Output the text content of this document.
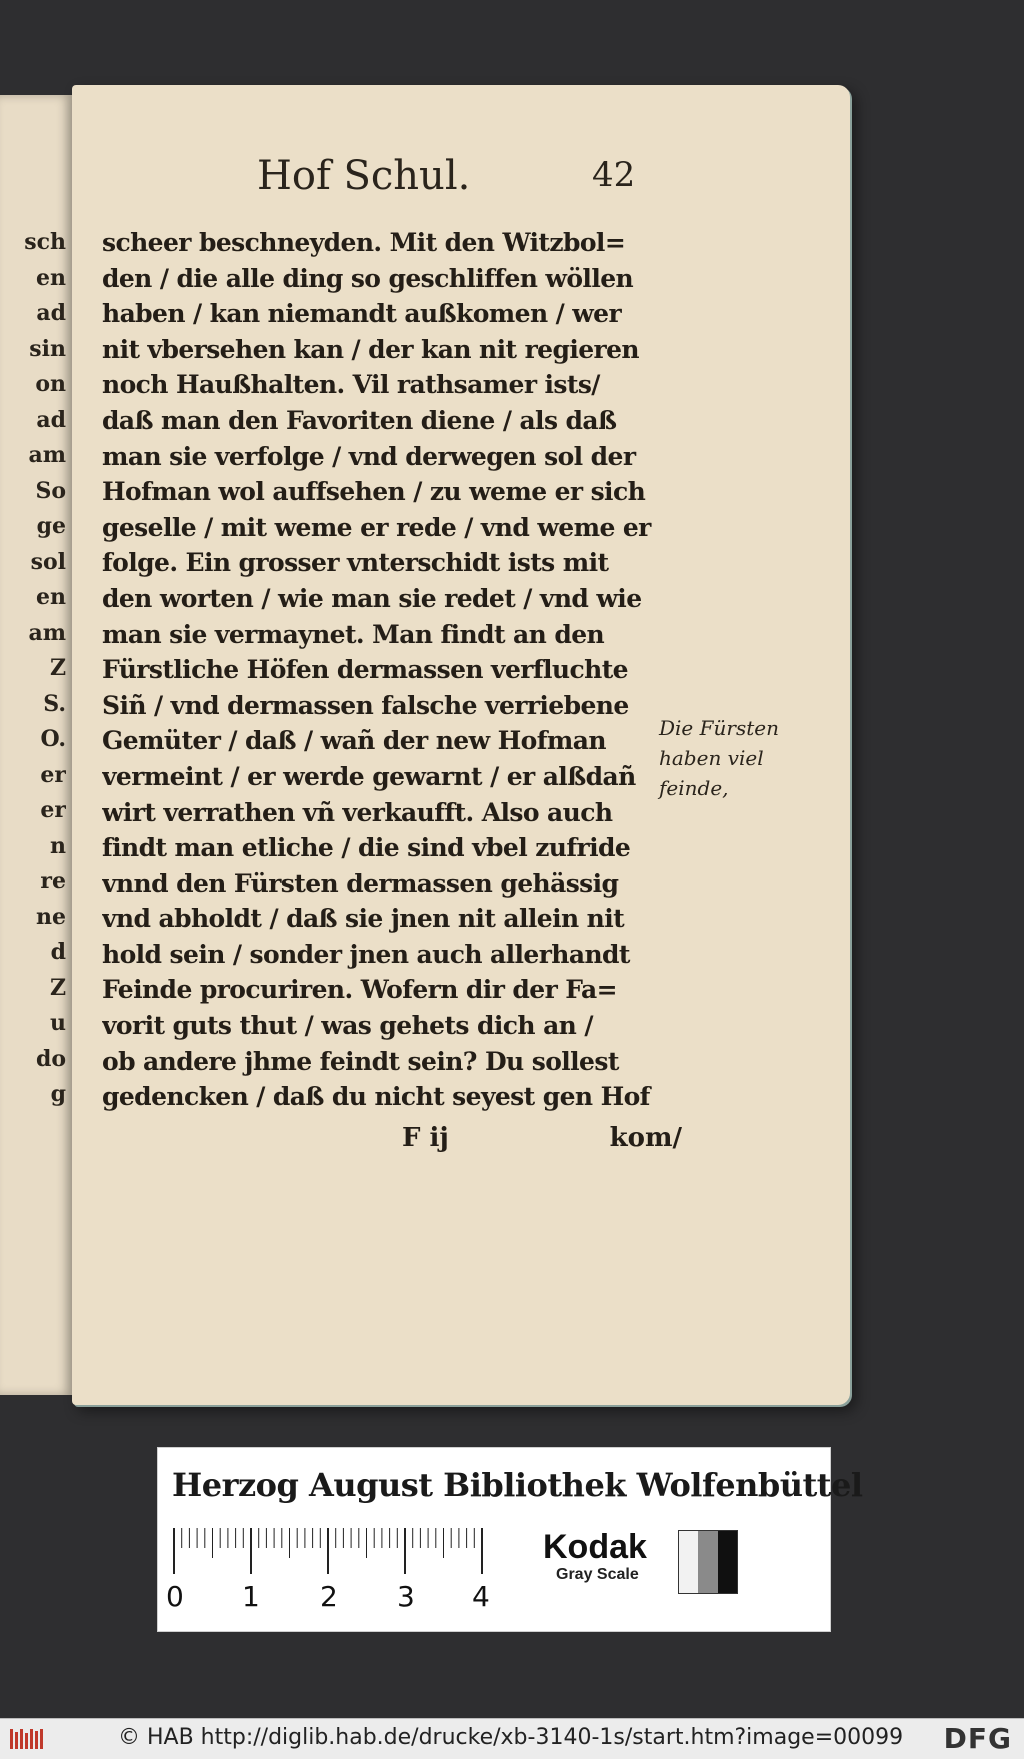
sch
en
ad
sin
on
ad
am
So
ge
sol
en
am
Z
S.
O.
er
er
n
re
ne
d
Z
u
do
g
Hof Schul.	42
scheer beschneyden. Mit den Witzbol=
den / die alle ding so geschliffen wöllen
haben / kan niemandt außkomen / wer
nit vbersehen kan / der kan nit regieren
noch Haußhalten. Vil rathsamer ists/
daß man den Favoriten diene / als daß
man sie verfolge / vnd derwegen sol der
Hofman wol auffsehen / zu weme er sich
geselle / mit weme er rede / vnd weme er
folge. Ein grosser vnterschidt ists mit
den worten / wie man sie redet / vnd wie
man sie vermaynet. Man findt an den
Fürstliche Höfen dermassen verfluchte
Siñ / vnd dermassen falsche verriebene
Gemüter / daß / wañ der new Hofman
vermeint / er werde gewarnt / er alßdañ
wirt verrathen vñ verkaufft. Also auch
findt man etliche / die sind vbel zufride
vnnd den Fürsten dermassen gehässig
vnd abholdt / daß sie jnen nit allein nit
hold sein / sonder jnen auch allerhandt
Feinde procuriren. Wofern dir der Fa=
vorit guts thut / was gehets dich an /
ob andere jhme feindt sein? Du sollest
gedencken / daß du nicht seyest gen Hof
F ij	kom/
Die Fürsten
haben viel
feinde,
Herzog August Bibliothek Wolfenbüttel
0 1 2 3 4
Kodak
Gray Scale
© HAB http://diglib.hab.de/drucke/xb-3140-1s/start.htm?image=00099 DFG
